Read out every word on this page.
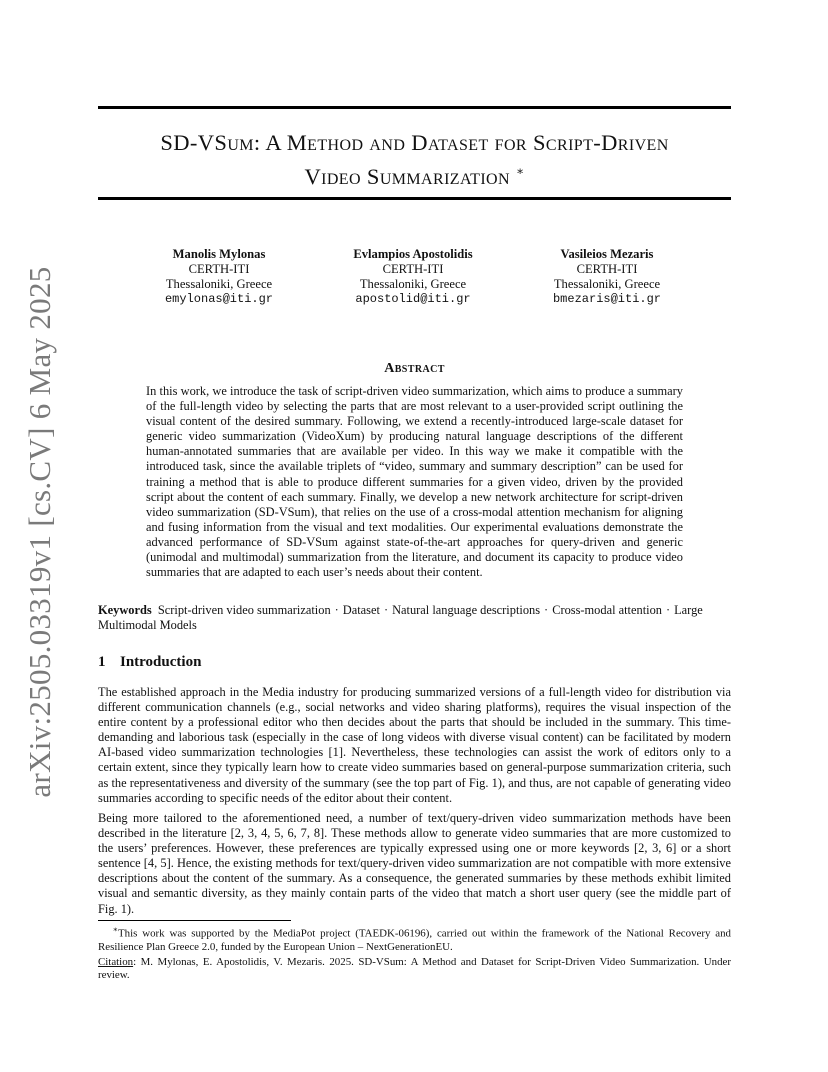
arXiv:2505.03319v1 [cs.CV] 6 May 2025
SD-VSum: A Method and Dataset for Script-Driven
Video Summarization ∗
Manolis Mylonas
CERTH-ITI
Thessaloniki, Greece
emylonas@iti.gr
Evlampios Apostolidis
CERTH-ITI
Thessaloniki, Greece
apostolid@iti.gr
Vasileios Mezaris
CERTH-ITI
Thessaloniki, Greece
bmezaris@iti.gr
Abstract

In this work, we introduce the task of script-driven video summarization, which aims to produce a summary of the full-length video by selecting the parts that are most relevant to a user-provided script outlining the visual content of the desired summary. Following, we extend a recently-introduced large-scale dataset for generic video summarization (VideoXum) by producing natural language descriptions of the different human-annotated summaries that are available per video. In this way we make it compatible with the introduced task, since the available triplets of “video, summary and summary description” can be used for training a method that is able to produce different summaries for a given video, driven by the provided script about the content of each summary. Finally, we develop a new network architecture for script-driven video summarization (SD-VSum), that relies on the use of a cross-modal attention mechanism for aligning and fusing information from the visual and text modalities. Our experimental evaluations demonstrate the advanced performance of SD-VSum against state-of-the-art approaches for query-driven and generic (unimodal and multimodal) summarization from the literature, and document its capacity to produce video summaries that are adapted to each user’s needs about their content.

Keywords Script-driven video summarization · Dataset · Natural language descriptions · Cross-modal attention · Large Multimodal Models
1 Introduction

The established approach in the Media industry for producing summarized versions of a full-length video for distribution via different communication channels (e.g., social networks and video sharing platforms), requires the visual inspection of the entire content by a professional editor who then decides about the parts that should be included in the summary. This time-demanding and laborious task (especially in the case of long videos with diverse visual content) can be facilitated by modern AI-based video summarization technologies [1]. Nevertheless, these technologies can assist the work of editors only to a certain extent, since they typically learn how to create video summaries based on general-purpose summarization criteria, such as the representativeness and diversity of the summary (see the top part of Fig. 1), and thus, are not capable of generating video summaries according to specific needs of the editor about their content.

Being more tailored to the aforementioned need, a number of text/query-driven video summarization methods have been described in the literature [2, 3, 4, 5, 6, 7, 8]. These methods allow to generate video summaries that are more customized to the users’ preferences. However, these preferences are typically expressed using one or more keywords [2, 3, 6] or a short sentence [4, 5]. Hence, the existing methods for text/query-driven video summarization are not compatible with more extensive descriptions about the content of the summary. As a consequence, the generated summaries by these methods exhibit limited visual and semantic diversity, as they mainly contain parts of the video that match a short user query (see the middle part of Fig. 1).

∗This work was supported by the MediaPot project (TAEDK-06196), carried out within the framework of the National Recovery and Resilience Plan Greece 2.0, funded by the European Union – NextGenerationEU.

Citation: M. Mylonas, E. Apostolidis, V. Mezaris. 2025. SD-VSum: A Method and Dataset for Script-Driven Video Summarization. Under review.
